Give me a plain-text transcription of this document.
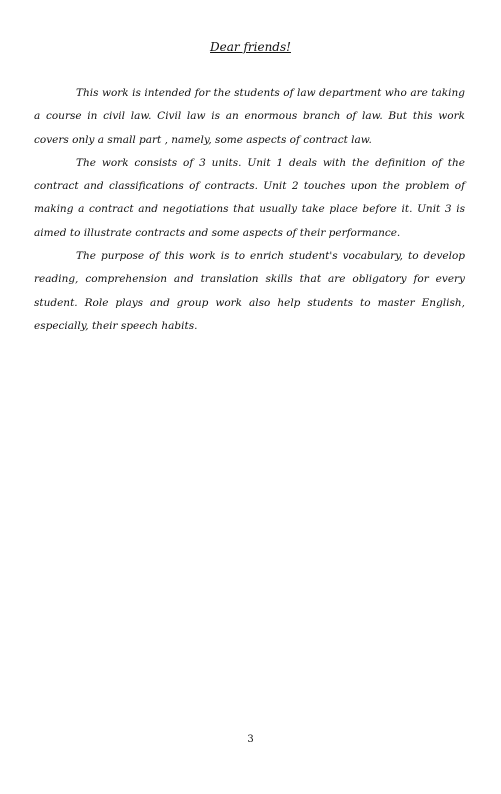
Dear friends!

This work is intended for the students of law department who are taking a course in civil law. Civil law is an enormous branch of law. But this work covers only a small part , namely, some aspects of contract law.

The work consists of 3 units. Unit 1 deals with the definition of the contract and classifications of contracts. Unit 2 touches upon the problem of making a contract and negotiations that usually take place before it. Unit 3 is aimed to illustrate contracts and some aspects of their performance.

The purpose of this work is to enrich student's vocabulary, to develop reading, comprehension and translation skills that are obligatory for every student. Role plays and group work also help students to master English, especially, their speech habits.

3
